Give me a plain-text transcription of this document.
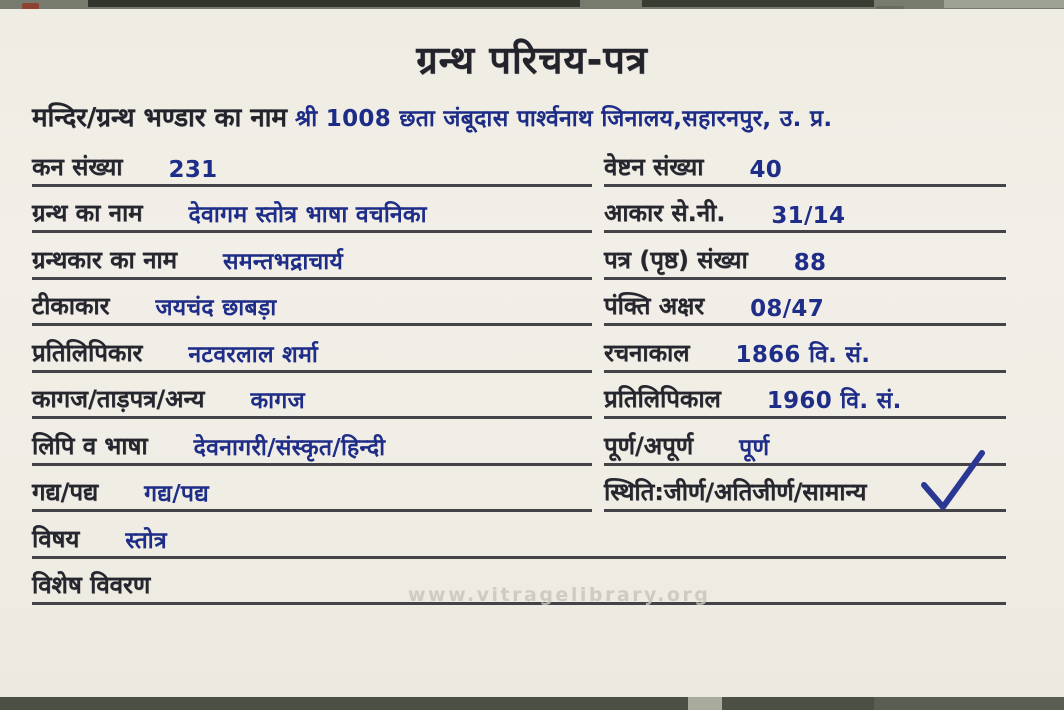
ग्रन्थ परिचय-पत्र
मन्दिर/ग्रन्थ भण्डार का नाम श्री 1008 छता जंबूदास पार्श्वनाथ जिनालय,सहारनपुर, उ. प्र.
कन संख्या 231	वेष्टन संख्या 40
ग्रन्थ का नाम देवागम स्तोत्र भाषा वचनिका	आकार से.नी. 31/14
ग्रन्थकार का नाम समन्तभद्राचार्य	पत्र (पृष्ठ) संख्या 88
टीकाकार जयचंद छाबड़ा	पंक्ति अक्षर 08/47
प्रतिलिपिकार नटवरलाल शर्मा	रचनाकाल 1866 वि. सं.
कागज/ताड़पत्र/अन्य कागज	प्रतिलिपिकाल 1960 वि. सं.
लिपि व भाषा देवनागरी/संस्कृत/हिन्दी	पूर्ण/अपूर्ण पूर्ण
गद्य/पद्य गद्य/पद्य	स्थिति:जीर्ण/अतिजीर्ण/सामान्य
विषय स्तोत्र
विशेष विवरण	www.vitragelibrary.org
